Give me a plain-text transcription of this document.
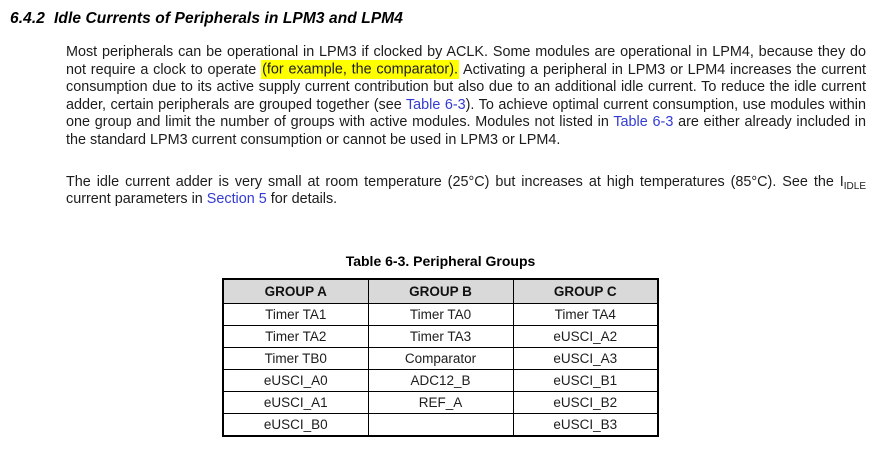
6.4.2 Idle Currents of Peripherals in LPM3 and LPM4
Most peripherals can be operational in LPM3 if clocked by ACLK. Some modules are operational in LPM4, because they do not require a clock to operate (for example, the comparator). Activating a peripheral in LPM3 or LPM4 increases the current consumption due to its active supply current contribution but also due to an additional idle current. To reduce the idle current adder, certain peripherals are grouped together (see Table 6-3). To achieve optimal current consumption, use modules within one group and limit the number of groups with active modules. Modules not listed in Table 6-3 are either already included in the standard LPM3 current consumption or cannot be used in LPM3 or LPM4.
The idle current adder is very small at room temperature (25°C) but increases at high temperatures (85°C). See the $I_{IDLE}$ current parameters in Section 5 for details.
Table 6-3. Peripheral Groups
GROUP A	GROUP B	GROUP C
Timer TA1	Timer TA0	Timer TA4
Timer TA2	Timer TA3	eUSCI_A2
Timer TB0	Comparator	eUSCI_A3
eUSCI_A0	ADC12_B	eUSCI_B1
eUSCI_A1	REF_A	eUSCI_B2
eUSCI_B0		eUSCI_B3
